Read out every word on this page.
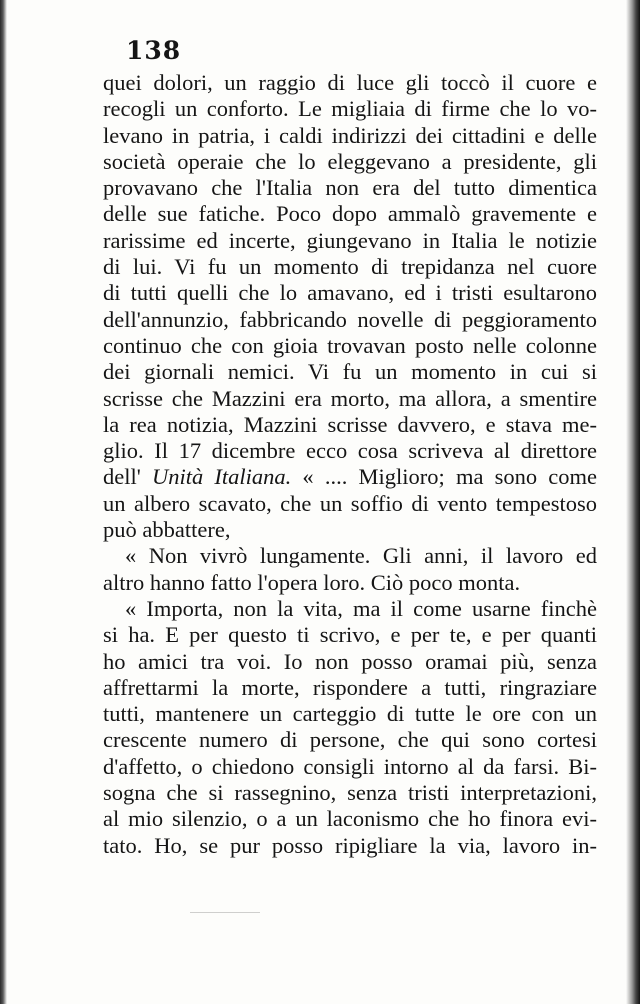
138
quei dolori, un raggio di luce gli toccò il cuore e
recogli un conforto. Le migliaia di firme che lo vo-
levano in patria, i caldi indirizzi dei cittadini e delle
società operaie che lo eleggevano a presidente, gli
provavano che l'Italia non era del tutto dimentica
delle sue fatiche. Poco dopo ammalò gravemente e
rarissime ed incerte, giungevano in Italia le notizie
di lui. Vi fu un momento di trepidanza nel cuore
di tutti quelli che lo amavano, ed i tristi esultarono
dell'annunzio, fabbricando novelle di peggioramento
continuo che con gioia trovavan posto nelle colonne
dei giornali nemici. Vi fu un momento in cui si
scrisse che Mazzini era morto, ma allora, a smentire
la rea notizia, Mazzini scrisse davvero, e stava me-
glio. Il 17 dicembre ecco cosa scriveva al direttore
dell' Unità Italiana. « .... Miglioro; ma sono come
un albero scavato, che un soffio di vento tempestoso
può abbattere,
« Non vivrò lungamente. Gli anni, il lavoro ed
altro hanno fatto l'opera loro. Ciò poco monta.
« Importa, non la vita, ma il come usarne finchè
si ha. E per questo ti scrivo, e per te, e per quanti
ho amici tra voi. Io non posso oramai più, senza
affrettarmi la morte, rispondere a tutti, ringraziare
tutti, mantenere un carteggio di tutte le ore con un
crescente numero di persone, che qui sono cortesi
d'affetto, o chiedono consigli intorno al da farsi. Bi-
sogna che si rassegnino, senza tristi interpretazioni,
al mio silenzio, o a un laconismo che ho finora evi-
tato. Ho, se pur posso ripigliare la via, lavoro in-
